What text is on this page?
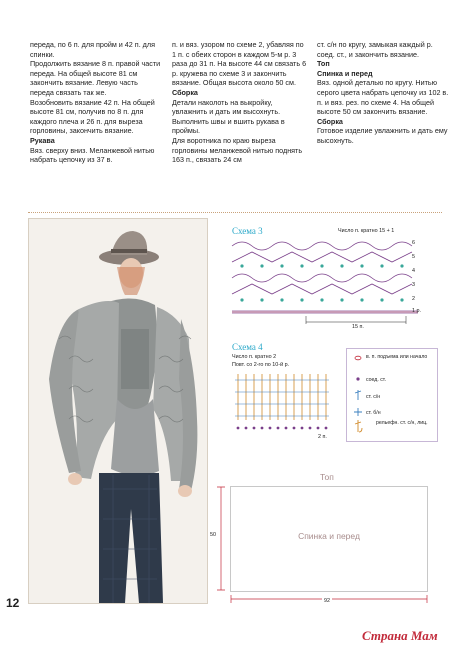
переда, по 6 п. для пройм и 42 п. для спинки.

Продолжить вязание 8 п. правой части переда. На общей высоте 81 см закончить вязание. Левую часть переда связать так же.

Возобновить вязание 42 п. На общей высоте 81 см, получив по 8 п. для каждого плеча и 26 п. для выреза горловины, закончить вязание.

Рукава

Вяз. сверху вниз. Меланжевой нитью набрать цепочку из 37 в.

п. и вяз. узором по схеме 2, убавляя по 1 п. с обеих сторон в каждом 5-м р. 3 раза до 31 п. На высоте 44 см связать 6 р. кружева по схеме 3 и закончить вязание. Общая высота около 50 см.

Сборка

Детали наколоть на выкройку, увлажнить и дать им высохнуть. Выполнить швы и вшить рукава в проймы.

Для воротника по краю выреза горловины меланжевой нитью поднять 163 п., связать 24 см

ст. с/н по кругу, замыкая каждый р. соед. ст., и закончить вязание.

Топ

Спинка и перед

Вяз. одной деталью по кругу. Нитью серого цвета набрать цепочку из 102 в. п. и вяз. рез. по схеме 4. На общей высоте 50 см закончить вязание.

Сборка

Готовое изделие увлажнить и дать ему высохнуть.

Схема 3	Число п. кратно 15 + 1
6
5
4
3
2
1 р.
15 п.
Схема 4
Число п. кратно 2
Повт. со 2-го по 10-й р.
2 п.
в. п. подъема или начало
соед. ст.
ст. с/н
ст. б/н
рельефн. ст. с/н, лиц.
Топ
Спинка и перед
50
92
12
Страна Мам
